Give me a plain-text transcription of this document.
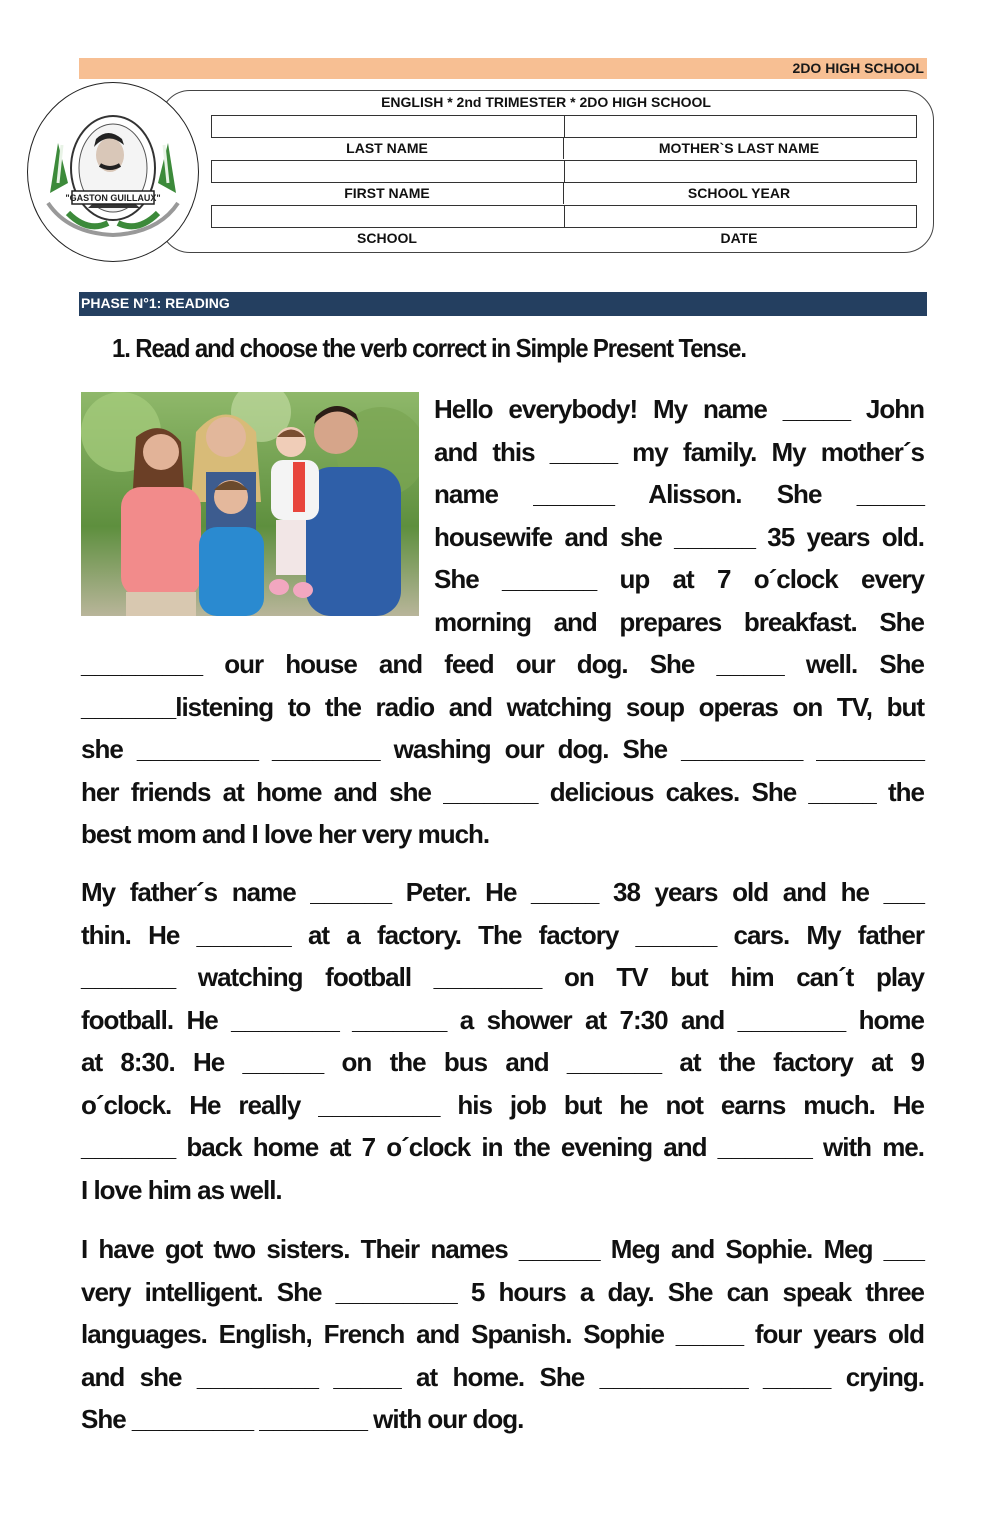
2DO HIGH SCHOOL
"GASTON GUILLAUX"
ENGLISH * 2nd TRIMESTER * 2DO HIGH SCHOOL
LAST NAME	MOTHER`S LAST NAME
FIRST NAME	SCHOOL YEAR
SCHOOL	DATE
PHASE N°1: READING
1. Read and choose the verb correct in Simple Present Tense.
Hello everybody! My name _____ John
and this _____ my family. My mother´s
name ______ Alisson. She _____
housewife and she ______ 35 years old.
She _______ up at 7 o´clock every
morning and prepares breakfast. She
_________ our house and feed our dog. She _____ well. She
_______listening to the radio and watching soup operas on TV, but
she _________ ________ washing our dog. She _________ ________
her friends at home and she _______ delicious cakes. She _____ the
best mom and I love her very much.
My father´s name ______ Peter. He _____ 38 years old and he ___
thin. He _______ at a factory. The factory ______ cars. My father
_______ watching football ________ on TV but him can´t play
football. He ________ _______ a shower at 7:30 and ________ home
at 8:30. He ______ on the bus and _______ at the factory at 9
o´clock. He really _________ his job but he not earns much. He
_______ back home at 7 o´clock in the evening and _______ with me.
I love him as well.
I have got two sisters. Their names ______ Meg and Sophie. Meg ___
very intelligent. She _________ 5 hours a day. She can speak three
languages. English, French and Spanish. Sophie _____ four years old
and she _________ _____ at home. She ___________ _____ crying.
She _________ ________ with our dog.
